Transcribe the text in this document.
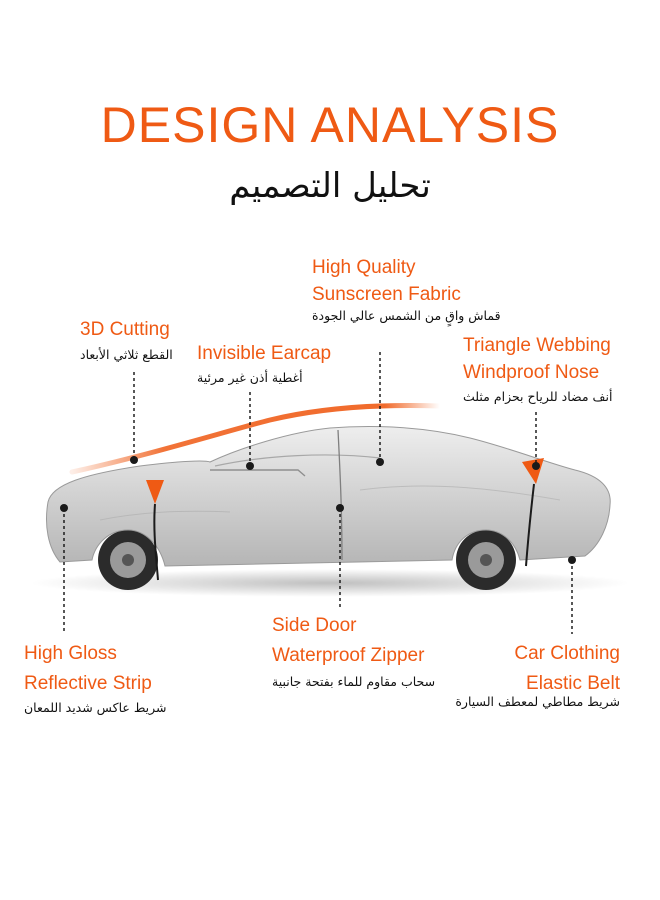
DESIGN ANALYSIS
تحليل التصميم
High Quality
Sunscreen Fabric
قماش واقٍ من الشمس عالي الجودة
3D Cutting
القطع ثلاثي الأبعاد Invisible Earcap
أغطية أذن غير مرئية
Triangle Webbing
Windproof Nose
أنف مضاد للرياح بحزام مثلث
High Gloss
Reflective Strip
شريط عاكس شديد اللمعان
Side Door
Waterproof Zipper
سحاب مقاوم للماء بفتحة جانبية
Car Clothing
Elastic Belt
شريط مطاطي لمعطف السيارة
